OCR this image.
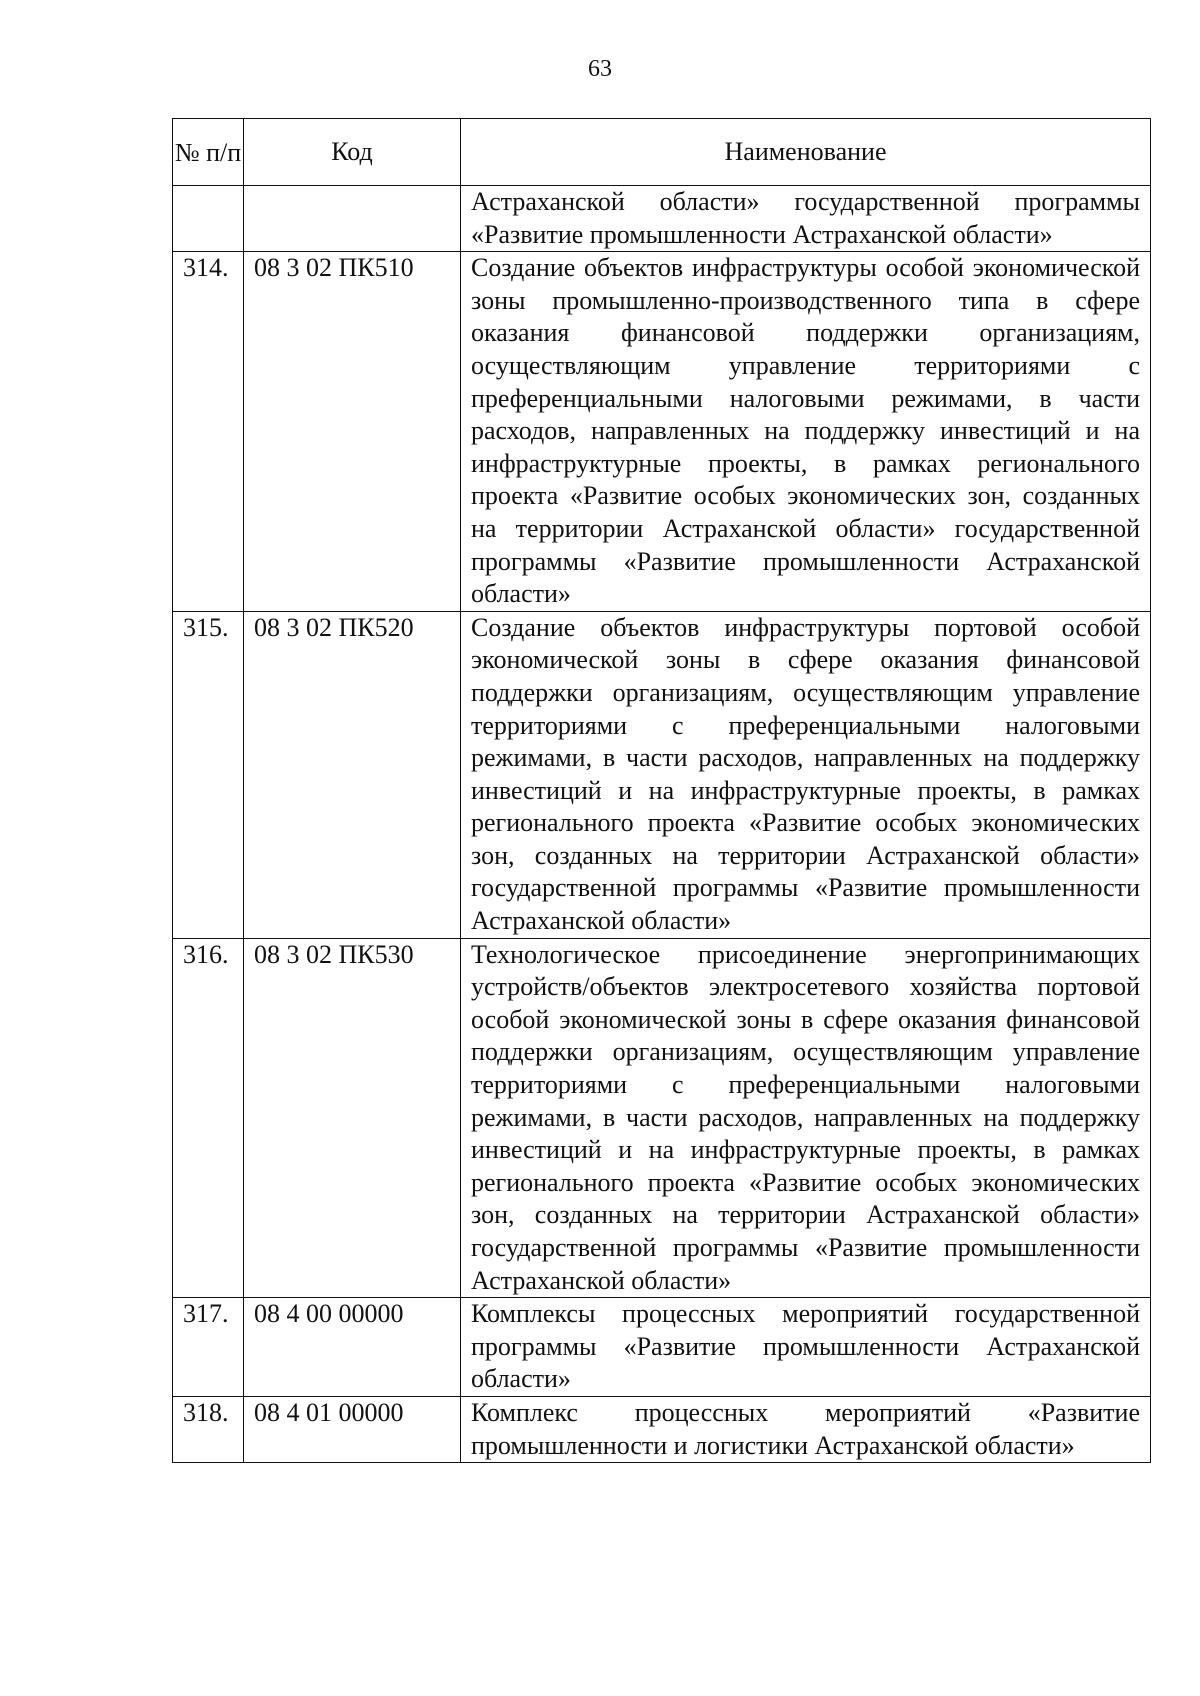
63
№ п/п	Код	Наименование
		Астраханской области» государственной программы «Развитие промышленности Астраханской области»
314.	08 3 02 ПК510	Создание объектов инфраструктуры особой экономической зоны промышленно-производственного типа в сфере оказания финансовой поддержки организациям, осуществляющим управление территориями с преференциальными налоговыми режимами, в части расходов, направленных на поддержку инвестиций и на инфраструктурные проекты, в рамках регионального проекта «Развитие особых экономических зон, созданных на территории Астраханской области» государственной программы «Развитие промышленности Астраханской области»
315.	08 3 02 ПК520	Создание объектов инфраструктуры портовой особой экономической зоны в сфере оказания финансовой поддержки организациям, осуществляющим управление территориями с преференциальными налоговыми режимами, в части расходов, направленных на поддержку инвестиций и на инфраструктурные проекты, в рамках регионального проекта «Развитие особых экономических зон, созданных на территории Астраханской области» государственной программы «Развитие промышленности Астраханской области»
316.	08 3 02 ПК530	Технологическое присоединение энергопринимающих устройств/объектов электросетевого хозяйства портовой особой экономической зоны в сфере оказания финансовой поддержки организациям, осуществляющим управление территориями с преференциальными налоговыми режимами, в части расходов, направленных на поддержку инвестиций и на инфраструктурные проекты, в рамках регионального проекта «Развитие особых экономических зон, созданных на территории Астраханской области» государственной программы «Развитие промышленности Астраханской области»
317.	08 4 00 00000	Комплексы процессных мероприятий государственной программы «Развитие промышленности Астраханской области»
318.	08 4 01 00000	Комплекс процессных мероприятий «Развитие промышленности и логистики Астраханской области»
